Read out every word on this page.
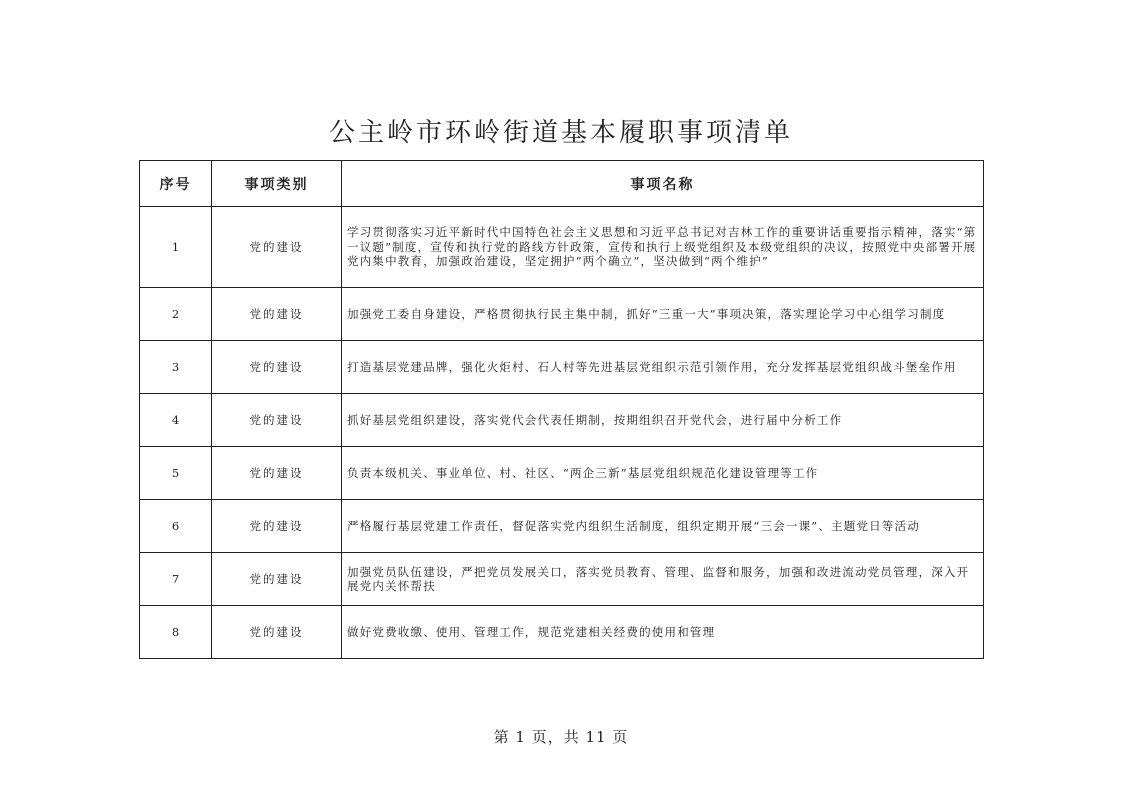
公主岭市环岭街道基本履职事项清单
序号	事项类别	事项名称
1	党的建设	学习贯彻落实习近平新时代中国特色社会主义思想和习近平总书记对吉林工作的重要讲话重要指示精神，落实“第一议题”制度，宣传和执行党的路线方针政策，宣传和执行上级党组织及本级党组织的决议，按照党中央部署开展党内集中教育，加强政治建设，坚定拥护“两个确立”，坚决做到“两个维护”
2	党的建设	加强党工委自身建设，严格贯彻执行民主集中制，抓好“三重一大”事项决策，落实理论学习中心组学习制度
3	党的建设	打造基层党建品牌，强化火炬村、石人村等先进基层党组织示范引领作用，充分发挥基层党组织战斗堡垒作用
4	党的建设	抓好基层党组织建设，落实党代会代表任期制，按期组织召开党代会，进行届中分析工作
5	党的建设	负责本级机关、事业单位、村、社区、“两企三新”基层党组织规范化建设管理等工作
6	党的建设	严格履行基层党建工作责任，督促落实党内组织生活制度，组织定期开展“三会一课”、主题党日等活动
7	党的建设	加强党员队伍建设，严把党员发展关口，落实党员教育、管理、监督和服务，加强和改进流动党员管理，深入开展党内关怀帮扶
8	党的建设	做好党费收缴、使用、管理工作，规范党建相关经费的使用和管理
第 1 页，共 11 页
